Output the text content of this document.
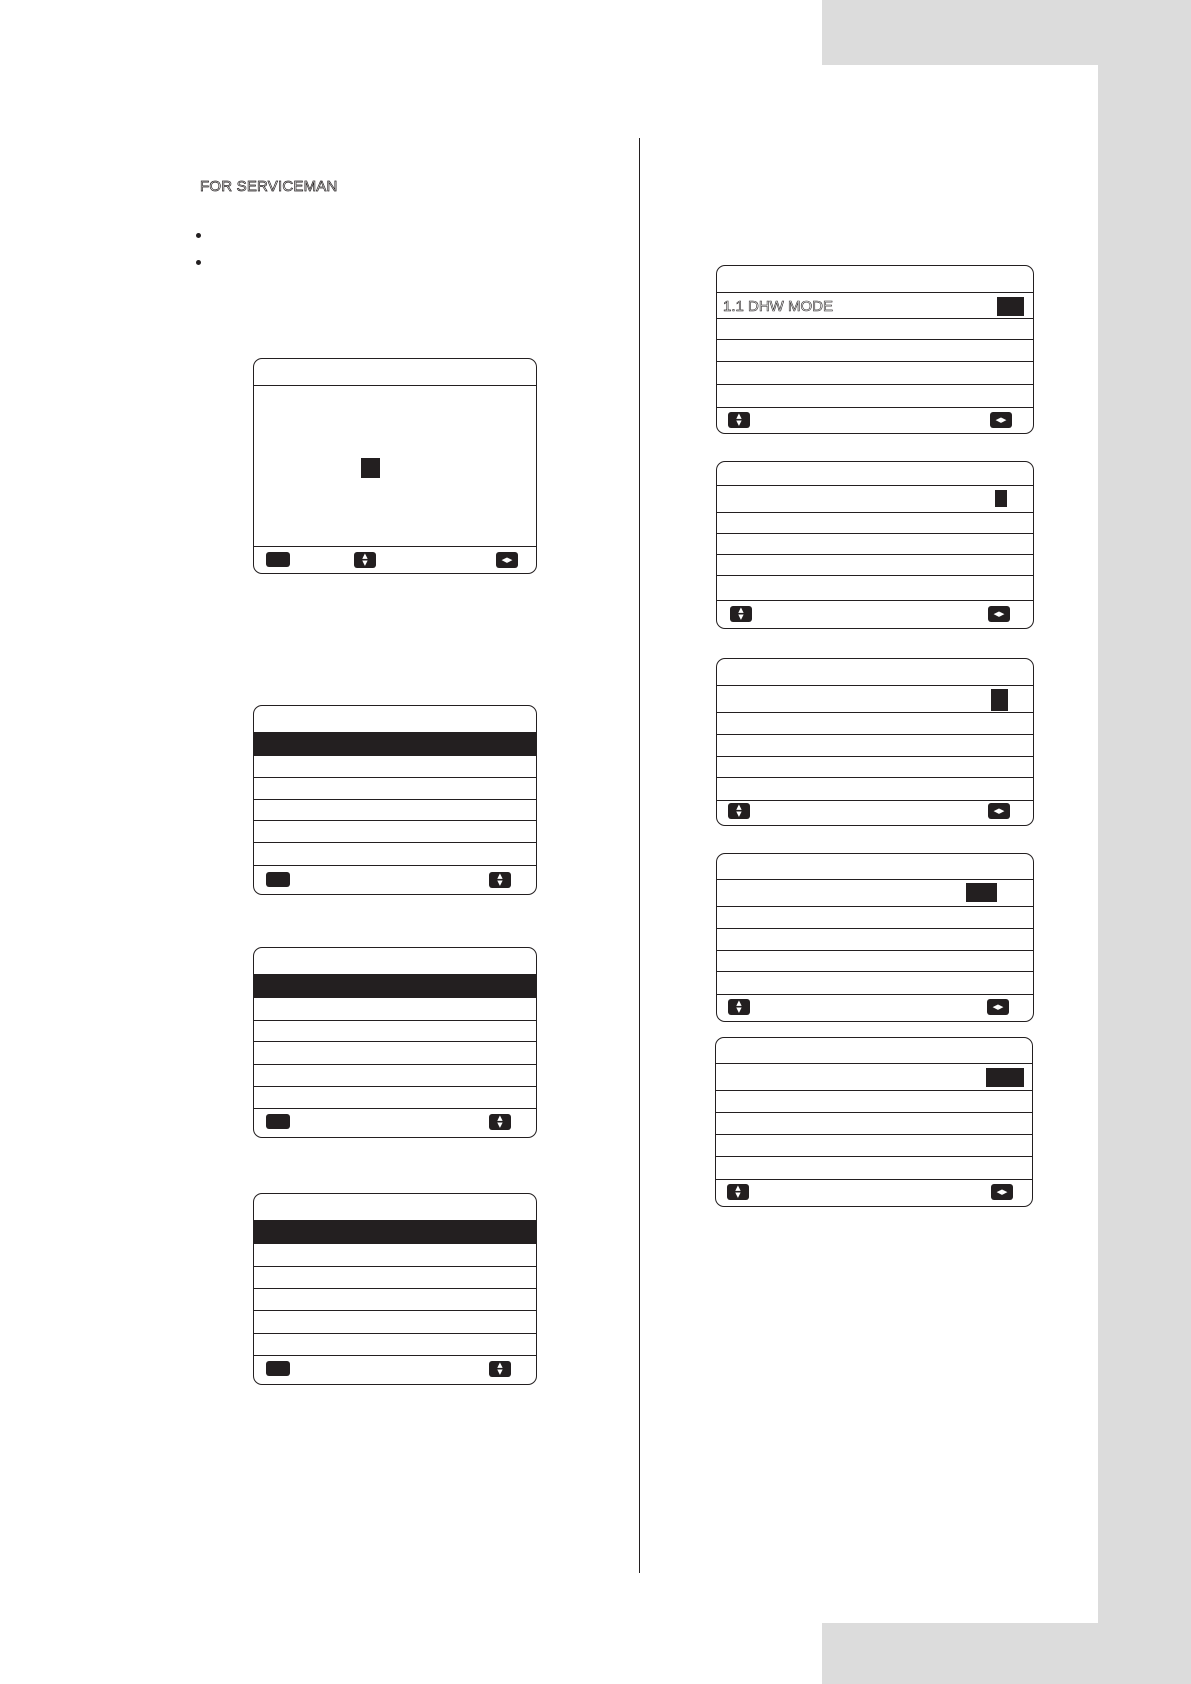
FOR SERVICEMAN
▲
▼	◀▶
▲
▼
▲
▼
▲
▼
1.1 DHW MODE
▲
▼	◀▶
▲
▼	◀▶
▲
▼	◀▶
▲
▼	◀▶
▲
▼	◀▶
